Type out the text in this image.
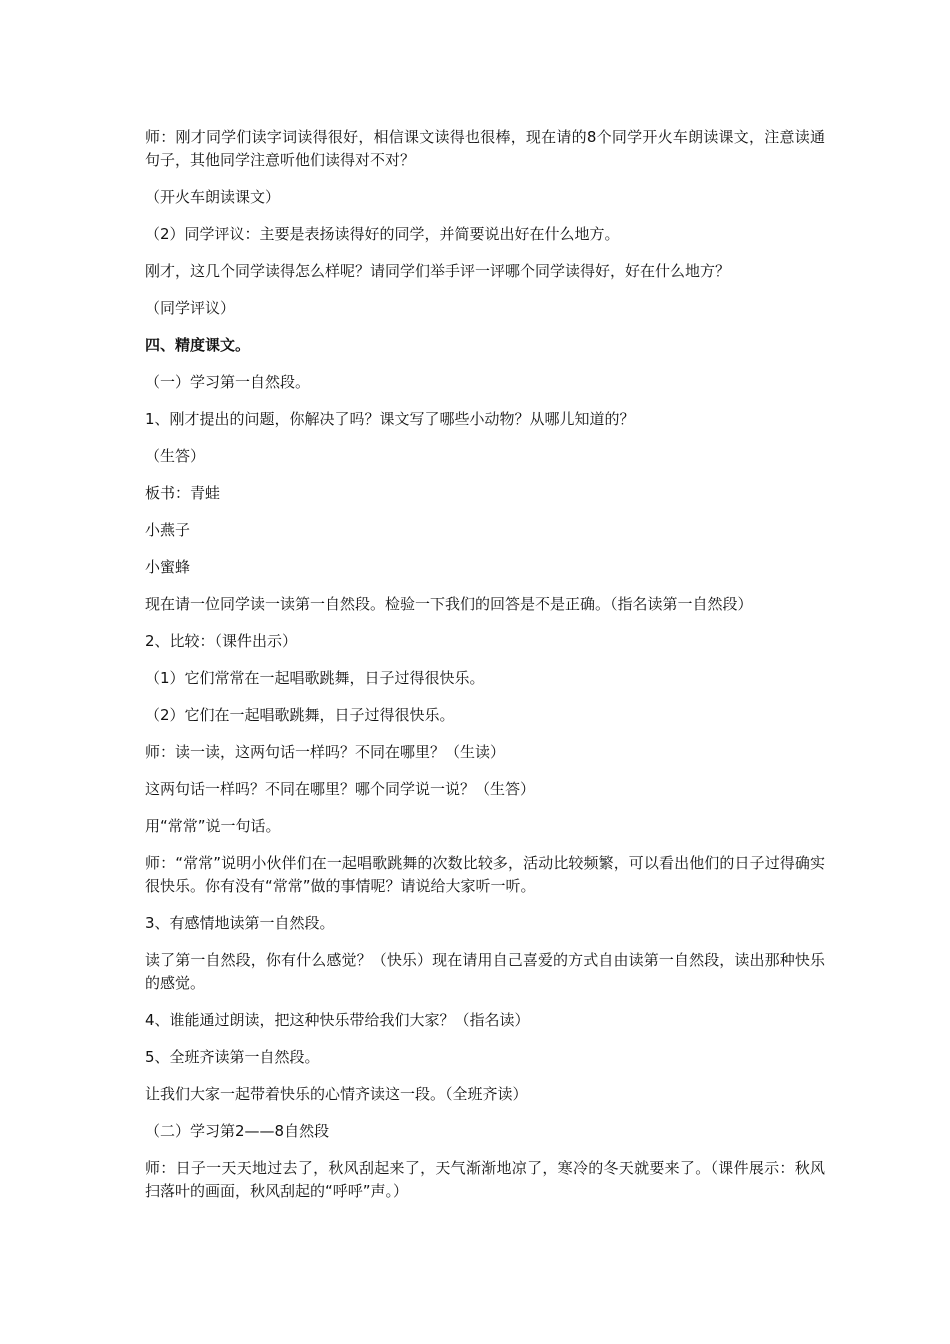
师：刚才同学们读字词读得很好，相信课文读得也很棒，现在请的8个同学开火车朗读课文，注意读通句子，其他同学注意听他们读得对不对？

（开火车朗读课文）

（2）同学评议：主要是表扬读得好的同学，并简要说出好在什么地方。

刚才，这几个同学读得怎么样呢？请同学们举手评一评哪个同学读得好，好在什么地方？

（同学评议）

四、精度课文。

（一）学习第一自然段。

1、刚才提出的问题，你解决了吗？课文写了哪些小动物？从哪儿知道的？

（生答）

板书：青蛙

小燕子

小蜜蜂

现在请一位同学读一读第一自然段。检验一下我们的回答是不是正确。（指名读第一自然段）

2、比较：（课件出示）

（1）它们常常在一起唱歌跳舞，日子过得很快乐。

（2）它们在一起唱歌跳舞，日子过得很快乐。

师：读一读，这两句话一样吗？不同在哪里？（生读）

这两句话一样吗？不同在哪里？哪个同学说一说？（生答）

用“常常”说一句话。

师：“常常”说明小伙伴们在一起唱歌跳舞的次数比较多，活动比较频繁，可以看出他们的日子过得确实很快乐。你有没有“常常”做的事情呢？请说给大家听一听。

3、有感情地读第一自然段。

读了第一自然段，你有什么感觉？（快乐）现在请用自己喜爱的方式自由读第一自然段，读出那种快乐的感觉。

4、谁能通过朗读，把这种快乐带给我们大家？（指名读）

5、全班齐读第一自然段。

让我们大家一起带着快乐的心情齐读这一段。（全班齐读）

（二）学习第2——8自然段

师：日子一天天地过去了，秋风刮起来了，天气渐渐地凉了，寒冷的冬天就要来了。（课件展示：秋风扫落叶的画面，秋风刮起的“呼呼”声。）
